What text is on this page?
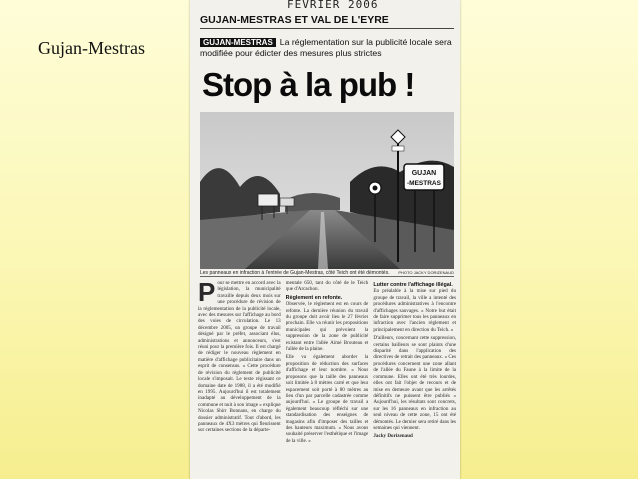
Gujan-Mestras
FEVRIER 2006
GUJAN-MESTRAS ET VAL DE L'EYRE
GUJAN-MESTRAS La réglementation sur la publicité locale sera modifiée pour édicter des mesures plus strictes
Stop à la pub !
GUJAN
-MESTRAS
Les panneaux en infraction à l'entrée de Gujan-Mestras, côté Teich ont été démontés. PHOTO JACKY DORIZENAUD
P our se mettre en accord avec la législation, la municipalité travaille depuis deux mois sur une procédure de révision de la réglementation de la publicité locale, avec des mesures sur l'affichage au bord des voies de circulation. Le 13 décembre 2005, un groupe de travail désigné par le préfet, associant élus, administrations et annonceurs, s'est réuni pour la première fois. Il est chargé de rédiger le nouveau règlement en matière d'affichage publicitaire dans un esprit de consensus. « Cette procédure de révision du règlement de publicité locale s'imposait. Le texte régissant ce domaine date de 1988, il a été modifié en 1995. Aujourd'hui il est totalement inadapté au développement de la commune et nuit à son image » explique Nicolas Shirr Bonnans, en charge du dossier administratif. Tout d'abord, les panneaux de 4X3 mètres qui fleurissent sur certaines sections de la départe-
mentale 650, tant du côté de le Teich que d'Arcachon.
Règlement en refonte.
Observée, le règlement est en cours de refonte. La dernière réunion du travail du groupe doit avoir lieu le 27 février prochain. Elle va réunir les propositions municipales qui prévoient la suppression de la zone de publicité existant entre l'allée Aimé Brouteau et l'allée de la plaine.
Elle va également aborder la proposition de réduction des surfaces d'affichage et leur nombre. « Nous proposons que la taille des panneaux soit limitée à 8 mètres carré et que leur espacement soit porté à 80 mètres au lieu d'un par parcelle cadastrée comme aujourd'hui. » Le groupe de travail a également beaucoup réfléchi sur une standardisation des enseignes de magasins afin d'imposer des tailles et des hauteurs maximum. « Nous avons souhaité préserver l'esthétique et l'image de la ville. »
Lutter contre l'affichage illégal.
En préalable à la mise sur pied du groupe de travail, la ville a intenté des procédures administratives à l'encontre d'affichages sauvages. « Notre but était de faire supprimer tous les panneaux en infraction avec l'ancien règlement et principalement en direction du Teich. »
D'ailleurs, concernant cette suppression, certains bailleurs se sont plaints d'une disparité dans l'application des directives de retrait des panneaux. « Ces procédures concernent une zone allant de l'allée du Faune à la limite de la commune. Elles ont été très lourdes, elles ont fait l'objet de recours et de mise en demeure avant que les arrêtés définitifs ne puissent être publiés » Aujourd'hui, les résultats sont concrets, sur les 16 panneaux en infraction au seul niveau de cette zone, 15 ont été démontés. Le dernier sera retiré dans les semaines qui viennent.
Jacky Dorizenaud
